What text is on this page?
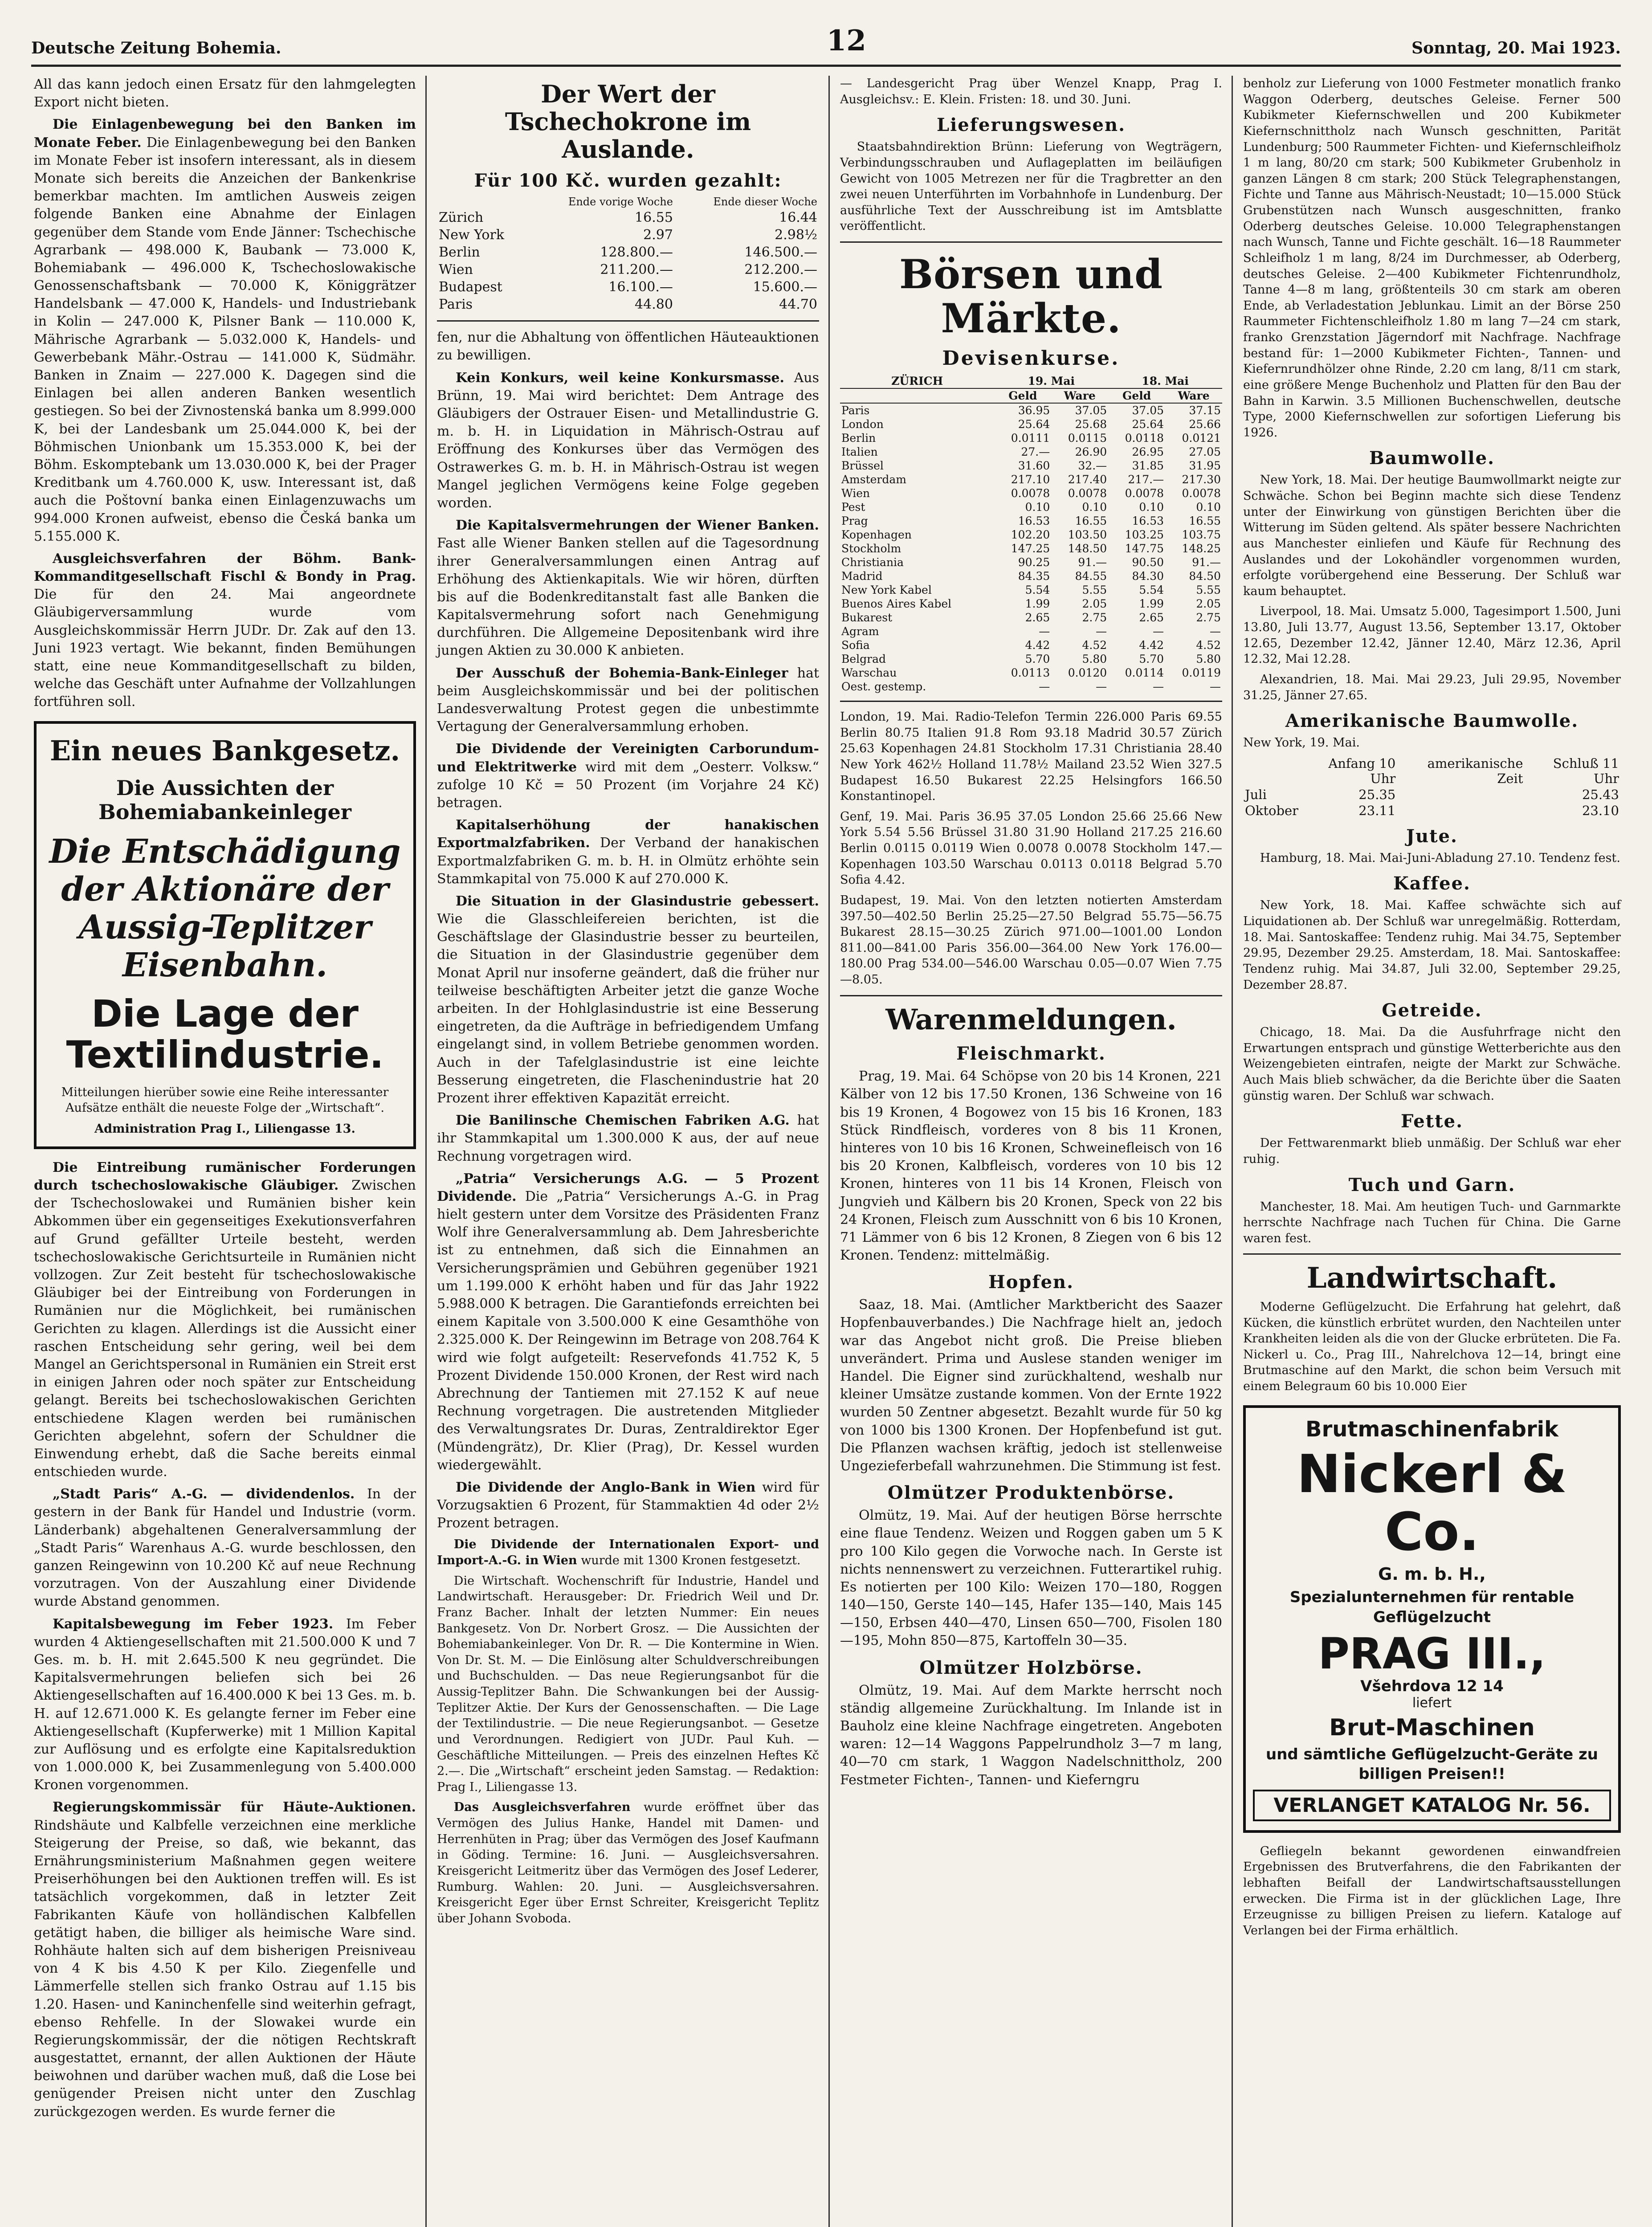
Deutsche Zeitung Bohemia.	12	Sonntag, 20. Mai 1923.

All das kann jedoch einen Ersatz für den lahmgelegten Export nicht bieten.

Die Einlagenbewegung bei den Banken im Monate Feber. Die Einlagenbewegung bei den Banken im Monate Feber ist insofern interessant, als in diesem Monate sich bereits die Anzeichen der Bankenkrise bemerkbar machten. Im amtlichen Ausweis zeigen folgende Banken eine Abnahme der Einlagen gegenüber dem Stande vom Ende Jänner: Tschechische Agrarbank — 498.000 K, Baubank — 73.000 K, Bohemiabank — 496.000 K, Tschechoslowakische Genossenschaftsbank — 70.000 K, Königgrätzer Handelsbank — 47.000 K, Handels- und Industriebank in Kolin — 247.000 K, Pilsner Bank — 110.000 K, Mährische Agrarbank — 5.032.000 K, Handels- und Gewerbebank Mähr.-Ostrau — 141.000 K, Südmähr. Banken in Znaim — 227.000 K. Dagegen sind die Einlagen bei allen anderen Banken wesentlich gestiegen. So bei der Zivnostenská banka um 8.999.000 K, bei der Landesbank um 25.044.000 K, bei der Böhmischen Unionbank um 15.353.000 K, bei der Böhm. Eskomptebank um 13.030.000 K, bei der Prager Kreditbank um 4.760.000 K, usw. Interessant ist, daß auch die Poštovní banka einen Einlagenzuwachs um 994.000 Kronen aufweist, ebenso die Česká banka um 5.155.000 K.

Ausgleichsverfahren der Böhm. Bank-Kommanditgesellschaft Fischl & Bondy in Prag. Die für den 24. Mai angeordnete Gläubigerversammlung wurde vom Ausgleichskommissär Herrn JUDr. Dr. Zak auf den 13. Juni 1923 vertagt. Wie bekannt, finden Bemühungen statt, eine neue Kommanditgesellschaft zu bilden, welche das Geschäft unter Aufnahme der Vollzahlungen fortführen soll.

Ein neues Bankgesetz.
Die Aussichten der Bohemiabankeinleger
Die Entschädigung der Aktionäre der Aussig-Teplitzer Eisenbahn.
Die Lage der Textilindustrie.
Mitteilungen hierüber sowie eine Reihe interessanter Aufsätze enthält die neueste Folge der „Wirtschaft“.
Administration Prag I., Liliengasse 13.

Die Eintreibung rumänischer Forderungen durch tschechoslowakische Gläubiger. Zwischen der Tschechoslowakei und Rumänien bisher kein Abkommen über ein gegenseitiges Exekutionsverfahren auf Grund gefällter Urteile besteht, werden tschechoslowakische Gerichtsurteile in Rumänien nicht vollzogen. Zur Zeit besteht für tschechoslowakische Gläubiger bei der Eintreibung von Forderungen in Rumänien nur die Möglichkeit, bei rumänischen Gerichten zu klagen. Allerdings ist die Aussicht einer raschen Entscheidung sehr gering, weil bei dem Mangel an Gerichtspersonal in Rumänien ein Streit erst in einigen Jahren oder noch später zur Entscheidung gelangt. Bereits bei tschechoslowakischen Gerichten entschiedene Klagen werden bei rumänischen Gerichten abgelehnt, sofern der Schuldner die Einwendung erhebt, daß die Sache bereits einmal entschieden wurde.

„Stadt Paris“ A.-G. — dividendenlos. In der gestern in der Bank für Handel und Industrie (vorm. Länderbank) abgehaltenen Generalversammlung der „Stadt Paris“ Warenhaus A.-G. wurde beschlossen, den ganzen Reingewinn von 10.200 Kč auf neue Rechnung vorzutragen. Von der Auszahlung einer Dividende wurde Abstand genommen.

Kapitalsbewegung im Feber 1923. Im Feber wurden 4 Aktiengesellschaften mit 21.500.000 K und 7 Ges. m. b. H. mit 2.645.500 K neu gegründet. Die Kapitalsvermehrungen beliefen sich bei 26 Aktiengesellschaften auf 16.400.000 K bei 13 Ges. m. b. H. auf 12.671.000 K. Es gelangte ferner im Feber eine Aktiengesellschaft (Kupferwerke) mit 1 Million Kapital zur Auflösung und es erfolgte eine Kapitalsreduktion von 1.000.000 K, bei Zusammenlegung von 5.400.000 Kronen vorgenommen.

Regierungskommissär für Häute-Auktionen. Rindshäute und Kalbfelle verzeichnen eine merkliche Steigerung der Preise, so daß, wie bekannt, das Ernährungsministerium Maßnahmen gegen weitere Preiserhöhungen bei den Auktionen treffen will. Es ist tatsächlich vorgekommen, daß in letzter Zeit Fabrikanten Käufe von holländischen Kalbfellen getätigt haben, die billiger als heimische Ware sind. Rohhäute halten sich auf dem bisherigen Preisniveau von 4 K bis 4.50 K per Kilo. Ziegenfelle und Lämmerfelle stellen sich franko Ostrau auf 1.15 bis 1.20. Hasen- und Kaninchenfelle sind weiterhin gefragt, ebenso Rehfelle. In der Slowakei wurde ein Regierungskommissär, der die nötigen Rechtskraft ausgestattet, ernannt, der allen Auktionen der Häute beiwohnen und darüber wachen muß, daß die Lose bei genügender Preisen nicht unter den Zuschlag zurückgezogen werden. Es wurde ferner die

Der Wert der Tschechokrone im Auslande.
Für 100 Kč. wurden gezahlt:
	Ende vorige Woche	Ende dieser Woche
Zürich	16.55	16.44
New York	2.97	2.98½
Berlin	128.800.—	146.500.—
Wien	211.200.—	212.200.—
Budapest	16.100.—	15.600.—
Paris	44.80	44.70

fen, nur die Abhaltung von öffentlichen Häuteauktionen zu bewilligen.

Kein Konkurs, weil keine Konkursmasse. Aus Brünn, 19. Mai wird berichtet: Dem Antrage des Gläubigers der Ostrauer Eisen- und Metallindustrie G. m. b. H. in Liquidation in Mährisch-Ostrau auf Eröffnung des Konkurses über das Vermögen des Ostrawerkes G. m. b. H. in Mährisch-Ostrau ist wegen Mangel jeglichen Vermögens keine Folge gegeben worden.

Die Kapitalsvermehrungen der Wiener Banken. Fast alle Wiener Banken stellen auf die Tagesordnung ihrer Generalversammlungen einen Antrag auf Erhöhung des Aktienkapitals. Wie wir hören, dürften bis auf die Bodenkreditanstalt fast alle Banken die Kapitalsvermehrung sofort nach Genehmigung durchführen. Die Allgemeine Depositenbank wird ihre jungen Aktien zu 30.000 K anbieten.

Der Ausschuß der Bohemia-Bank-Einleger hat beim Ausgleichskommissär und bei der politischen Landesverwaltung Protest gegen die unbestimmte Vertagung der Generalversammlung erhoben.

Die Dividende der Vereinigten Carborundum- und Elektritwerke wird mit dem „Oesterr. Volksw.“ zufolge 10 Kč = 50 Prozent (im Vorjahre 24 Kč) betragen.

Kapitalserhöhung der hanakischen Exportmalzfabriken. Der Verband der hanakischen Exportmalzfabriken G. m. b. H. in Olmütz erhöhte sein Stammkapital von 75.000 K auf 270.000 K.

Die Situation in der Glasindustrie gebessert. Wie die Glasschleifereien berichten, ist die Geschäftslage der Glasindustrie besser zu beurteilen, die Situation in der Glasindustrie gegenüber dem Monat April nur insoferne geändert, daß die früher nur teilweise beschäftigten Arbeiter jetzt die ganze Woche arbeiten. In der Hohlglasindustrie ist eine Besserung eingetreten, da die Aufträge in befriedigendem Umfang eingelangt sind, in vollem Betriebe genommen worden. Auch in der Tafelglasindustrie ist eine leichte Besserung eingetreten, die Flaschenindustrie hat 20 Prozent ihrer effektiven Kapazität erreicht.

Die Banilinsche Chemischen Fabriken A.G. hat ihr Stammkapital um 1.300.000 K aus, der auf neue Rechnung vorgetragen wird.

„Patria“ Versicherungs A.G. — 5 Prozent Dividende. Die „Patria“ Versicherungs A.-G. in Prag hielt gestern unter dem Vorsitze des Präsidenten Franz Wolf ihre Generalversammlung ab. Dem Jahresberichte ist zu entnehmen, daß sich die Einnahmen an Versicherungsprämien und Gebühren gegenüber 1921 um 1.199.000 K erhöht haben und für das Jahr 1922 5.988.000 K betragen. Die Garantiefonds erreichten bei einem Kapitale von 3.500.000 K eine Gesamthöhe von 2.325.000 K. Der Reingewinn im Betrage von 208.764 K wird wie folgt aufgeteilt: Reservefonds 41.752 K, 5 Prozent Dividende 150.000 Kronen, der Rest wird nach Abrechnung der Tantiemen mit 27.152 K auf neue Rechnung vorgetragen. Die austretenden Mitglieder des Verwaltungsrates Dr. Duras, Zentraldirektor Eger (Mündengrätz), Dr. Klier (Prag), Dr. Kessel wurden wiedergewählt.

Die Dividende der Anglo-Bank in Wien wird für Vorzugsaktien 6 Prozent, für Stammaktien 4d oder 2½ Prozent betragen.

Die Dividende der Internationalen Export- und Import-A.-G. in Wien wurde mit 1300 Kronen festgesetzt.

Die Wirtschaft. Wochenschrift für Industrie, Handel und Landwirtschaft. Herausgeber: Dr. Friedrich Weil und Dr. Franz Bacher. Inhalt der letzten Nummer: Ein neues Bankgesetz. Von Dr. Norbert Grosz. — Die Aussichten der Bohemiabankeinleger. Von Dr. R. — Die Kontermine in Wien. Von Dr. St. M. — Die Einlösung alter Schuldverschreibungen und Buchschulden. — Das neue Regierungsanbot für die Aussig-Teplitzer Bahn. Die Schwankungen bei der Aussig-Teplitzer Aktie. Der Kurs der Genossenschaften. — Die Lage der Textilindustrie. — Die neue Regierungsanbot. — Gesetze und Verordnungen. Redigiert von JUDr. Paul Kuh. — Geschäftliche Mitteilungen. — Preis des einzelnen Heftes Kč 2.—. Die „Wirtschaft“ erscheint jeden Samstag. — Redaktion: Prag I., Liliengasse 13.

Das Ausgleichsverfahren wurde eröffnet über das Vermögen des Julius Hanke, Handel mit Damen- und Herrenhüten in Prag; über das Vermögen des Josef Kaufmann in Göding. Termine: 16. Juni. — Ausgleichsversahren. Kreisgericht Leitmeritz über das Vermögen des Josef Lederer, Rumburg. Wahlen: 20. Juni. — Ausgleichsversahren. Kreisgericht Eger über Ernst Schreiter, Kreisgericht Teplitz über Johann Svoboda.

— Landesgericht Prag über Wenzel Knapp, Prag I. Ausgleichsv.: E. Klein. Fristen: 18. und 30. Juni.

Lieferungswesen.

Staatsbahndirektion Brünn: Lieferung von Wegträgern, Verbindungsschrauben und Auflageplatten im beiläufigen Gewicht von 1005 Metrezen ner für die Tragbretter an den zwei neuen Unterführten im Vorbahnhofe in Lundenburg. Der ausführliche Text der Ausschreibung ist im Amtsblatte veröffentlicht.

Börsen und Märkte.
Devisenkurse.
ZÜRICH	19. Mai		18. Mai	
	Geld	Ware	Geld	Ware
Paris	36.95	37.05	37.05	37.15
London	25.64	25.68	25.64	25.66
Berlin	0.0111	0.0115	0.0118	0.0121
Italien	27.—	26.90	26.95	27.05
Brüssel	31.60	32.—	31.85	31.95
Amsterdam	217.10	217.40	217.—	217.30
Wien	0.0078	0.0078	0.0078	0.0078
Pest	0.10	0.10	0.10	0.10
Prag	16.53	16.55	16.53	16.55
Kopenhagen	102.20	103.50	103.25	103.75
Stockholm	147.25	148.50	147.75	148.25
Christiania	90.25	91.—	90.50	91.—
Madrid	84.35	84.55	84.30	84.50
New York Kabel	5.54	5.55	5.54	5.55
Buenos Aires Kabel	1.99	2.05	1.99	2.05
Bukarest	2.65	2.75	2.65	2.75
Agram	—	—	—	—
Sofia	4.42	4.52	4.42	4.52
Belgrad	5.70	5.80	5.70	5.80
Warschau	0.0113	0.0120	0.0114	0.0119
Oest. gestemp.	—	—	—	—

London, 19. Mai. Radio-Telefon Termin 226.000 Paris 69.55 Berlin 80.75 Italien 91.8 Rom 93.18 Madrid 30.57 Zürich 25.63 Kopenhagen 24.81 Stockholm 17.31 Christiania 28.40 New York 462½ Holland 11.78½ Mailand 23.52 Wien 327.5 Budapest 16.50 Bukarest 22.25 Helsingfors 166.50 Konstantinopel.

Genf, 19. Mai. Paris 36.95 37.05 London 25.66 25.66 New York 5.54 5.56 Brüssel 31.80 31.90 Holland 217.25 216.60 Berlin 0.0115 0.0119 Wien 0.0078 0.0078 Stockholm 147.— Kopenhagen 103.50 Warschau 0.0113 0.0118 Belgrad 5.70 Sofia 4.42.

Budapest, 19. Mai. Von den letzten notierten Amsterdam 397.50—402.50 Berlin 25.25—27.50 Belgrad 55.75—56.75 Bukarest 28.15—30.25 Zürich 971.00—1001.00 London 811.00—841.00 Paris 356.00—364.00 New York 176.00—180.00 Prag 534.00—546.00 Warschau 0.05—0.07 Wien 7.75—8.05.

Warenmeldungen.
Fleischmarkt.

Prag, 19. Mai. 64 Schöpse von 20 bis 14 Kronen, 221 Kälber von 12 bis 17.50 Kronen, 136 Schweine von 16 bis 19 Kronen, 4 Bogowez von 15 bis 16 Kronen, 183 Stück Rindfleisch, vorderes von 8 bis 11 Kronen, hinteres von 10 bis 16 Kronen, Schweinefleisch von 16 bis 20 Kronen, Kalbfleisch, vorderes von 10 bis 12 Kronen, hinteres von 11 bis 14 Kronen, Fleisch von Jungvieh und Kälbern bis 20 Kronen, Speck von 22 bis 24 Kronen, Fleisch zum Ausschnitt von 6 bis 10 Kronen, 71 Lämmer von 6 bis 12 Kronen, 8 Ziegen von 6 bis 12 Kronen. Tendenz: mittelmäßig.

Hopfen.

Saaz, 18. Mai. (Amtlicher Marktbericht des Saazer Hopfenbauverbandes.) Die Nachfrage hielt an, jedoch war das Angebot nicht groß. Die Preise blieben unverändert. Prima und Auslese standen weniger im Handel. Die Eigner sind zurückhaltend, weshalb nur kleiner Umsätze zustande kommen. Von der Ernte 1922 wurden 50 Zentner abgesetzt. Bezahlt wurde für 50 kg von 1000 bis 1300 Kronen. Der Hopfenbefund ist gut. Die Pflanzen wachsen kräftig, jedoch ist stellenweise Ungezieferbefall wahrzunehmen. Die Stimmung ist fest.

Olmützer Produktenbörse.

Olmütz, 19. Mai. Auf der heutigen Börse herrschte eine flaue Tendenz. Weizen und Roggen gaben um 5 K pro 100 Kilo gegen die Vorwoche nach. In Gerste ist nichts nennenswert zu verzeichnen. Futterartikel ruhig. Es notierten per 100 Kilo: Weizen 170—180, Roggen 140—150, Gerste 140—145, Hafer 135—140, Mais 145—150, Erbsen 440—470, Linsen 650—700, Fisolen 180—195, Mohn 850—875, Kartoffeln 30—35.

Olmützer Holzbörse.

Olmütz, 19. Mai. Auf dem Markte herrscht noch ständig allgemeine Zurückhaltung. Im Inlande ist in Bauholz eine kleine Nachfrage eingetreten. Angeboten waren: 12—14 Waggons Pappelrundholz 3—7 m lang, 40—70 cm stark, 1 Waggon Nadelschnittholz, 200 Festmeter Fichten-, Tannen- und Kieferngru

benholz zur Lieferung von 1000 Festmeter monatlich franko Waggon Oderberg, deutsches Geleise. Ferner 500 Kubikmeter Kiefernschwellen und 200 Kubikmeter Kiefernschnittholz nach Wunsch geschnitten, Parität Lundenburg; 500 Raummeter Fichten- und Kiefernschleifholz 1 m lang, 80/20 cm stark; 500 Kubikmeter Grubenholz in ganzen Längen 8 cm stark; 200 Stück Telegraphenstangen, Fichte und Tanne aus Mährisch-Neustadt; 10—15.000 Stück Grubenstützen nach Wunsch ausgeschnitten, franko Oderberg deutsches Geleise. 10.000 Telegraphenstangen nach Wunsch, Tanne und Fichte geschält. 16—18 Raummeter Schleifholz 1 m lang, 8/24 im Durchmesser, ab Oderberg, deutsches Geleise. 2—400 Kubikmeter Fichtenrundholz, Tanne 4—8 m lang, größtenteils 30 cm stark am oberen Ende, ab Verladestation Jeblunkau. Limit an der Börse 250 Raummeter Fichtenschleifholz 1.80 m lang 7—24 cm stark, franko Grenzstation Jägerndorf mit Nachfrage. Nachfrage bestand für: 1—2000 Kubikmeter Fichten-, Tannen- und Kiefernrundhölzer ohne Rinde, 2.20 cm lang, 8/11 cm stark, eine größere Menge Buchenholz und Platten für den Bau der Bahn in Karwin. 3.5 Millionen Buchenschwellen, deutsche Type, 2000 Kiefernschwellen zur sofortigen Lieferung bis 1926.

Baumwolle.

New York, 18. Mai. Der heutige Baumwollmarkt neigte zur Schwäche. Schon bei Beginn machte sich diese Tendenz unter der Einwirkung von günstigen Berichten über die Witterung im Süden geltend. Als später bessere Nachrichten aus Manchester einliefen und Käufe für Rechnung des Auslandes und der Lokohändler vorgenommen wurden, erfolgte vorübergehend eine Besserung. Der Schluß war kaum behauptet.

Liverpool, 18. Mai. Umsatz 5.000, Tagesimport 1.500, Juni 13.80, Juli 13.77, August 13.56, September 13.17, Oktober 12.65, Dezember 12.42, Jänner 12.40, März 12.36, April 12.32, Mai 12.28.

Alexandrien, 18. Mai. Mai 29.23, Juli 29.95, November 31.25, Jänner 27.65.

Amerikanische Baumwolle.

New York, 19. Mai.

	Anfang 10 Uhr	amerikanische Zeit	Schluß 11 Uhr
Juli	25.35		25.43
Oktober	23.11		23.10
Jute.

Hamburg, 18. Mai. Mai-Juni-Abladung 27.10. Tendenz fest.

Kaffee.

New York, 18. Mai. Kaffee schwächte sich auf Liquidationen ab. Der Schluß war unregelmäßig. Rotterdam, 18. Mai. Santoskaffee: Tendenz ruhig. Mai 34.75, September 29.95, Dezember 29.25. Amsterdam, 18. Mai. Santoskaffee: Tendenz ruhig. Mai 34.87, Juli 32.00, September 29.25, Dezember 28.87.

Getreide.

Chicago, 18. Mai. Da die Ausfuhrfrage nicht den Erwartungen entsprach und günstige Wetterberichte aus den Weizengebieten eintrafen, neigte der Markt zur Schwäche. Auch Mais blieb schwächer, da die Berichte über die Saaten günstig waren. Der Schluß war schwach.

Fette.

Der Fettwarenmarkt blieb unmäßig. Der Schluß war eher ruhig.

Tuch und Garn.

Manchester, 18. Mai. Am heutigen Tuch- und Garnmarkte herrschte Nachfrage nach Tuchen für China. Die Garne waren fest.

Landwirtschaft.

Moderne Geflügelzucht. Die Erfahrung hat gelehrt, daß Kücken, die künstlich erbrütet wurden, den Nachteilen unter Krankheiten leiden als die von der Glucke erbrüteten. Die Fa. Nickerl u. Co., Prag III., Nahrelchova 12—14, bringt eine Brutmaschine auf den Markt, die schon beim Versuch mit einem Belegraum 60 bis 10.000 Eier

Brutmaschinenfabrik
Nickerl & Co.
G. m. b. H.,
Spezialunternehmen für rentable Geflügelzucht
PRAG III.,
Všehrdova 12 14
liefert
Brut-Maschinen
und sämtliche Geflügelzucht-Geräte zu billigen Preisen!!
VERLANGET KATALOG Nr. 56.

Gefliegeln bekannt gewordenen einwandfreien Ergebnissen des Brutverfahrens, die den Fabrikanten der lebhaften Beifall der Landwirtschaftsausstellungen erwecken. Die Firma ist in der glücklichen Lage, Ihre Erzeugnisse zu billigen Preisen zu liefern. Kataloge auf Verlangen bei der Firma erhältlich.
